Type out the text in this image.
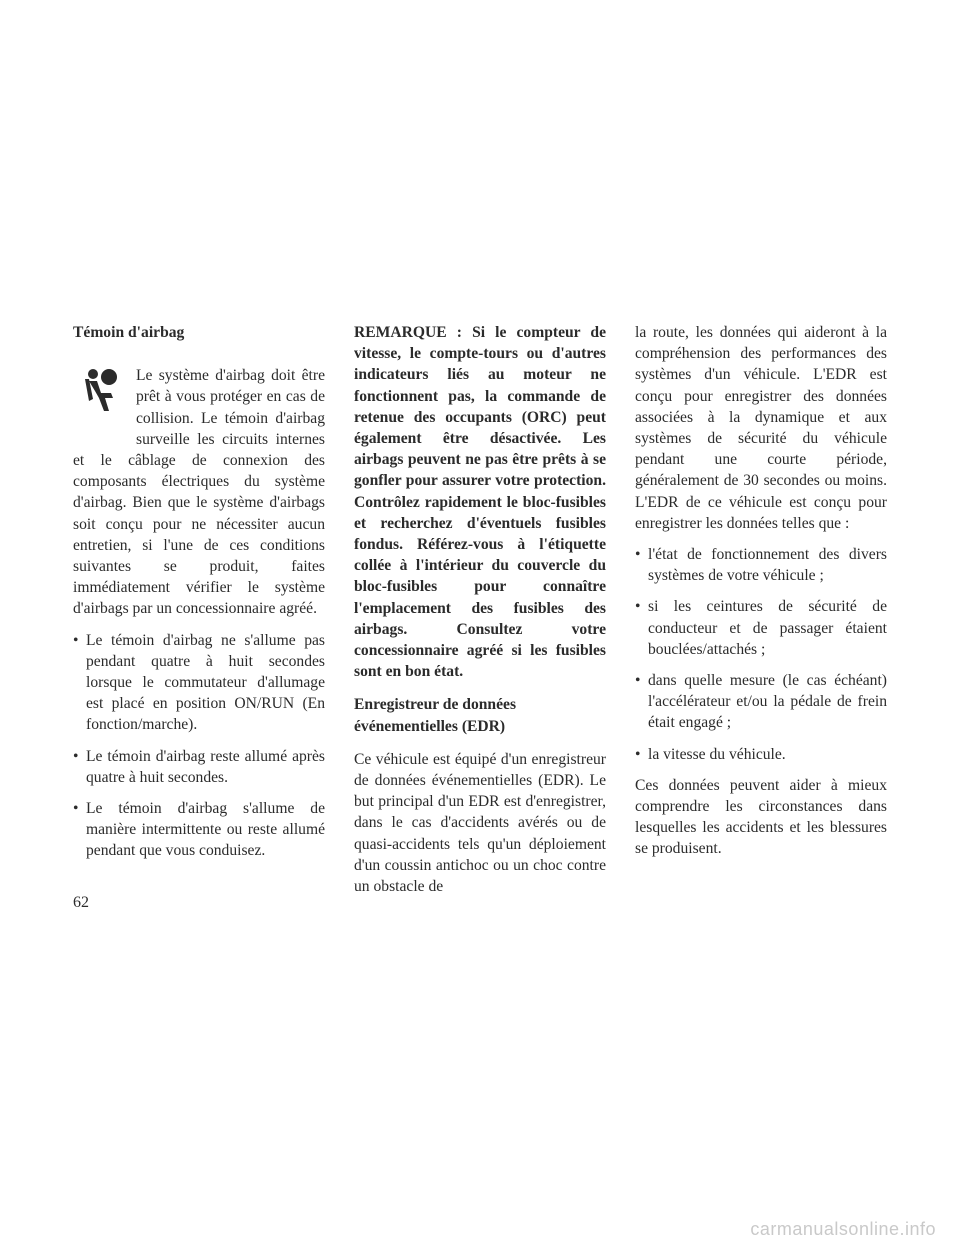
Témoin d'airbag

Le système d'airbag doit être prêt à vous protéger en cas de collision. Le témoin d'airbag surveille les circuits internes et le câblage de connexion des composants électriques du système d'airbag. Bien que le système d'airbags soit conçu pour ne nécessiter aucun entretien, si l'une de ces conditions suivantes se produit, faites immédiatement vérifier le système d'airbags par un concessionnaire agréé.

• Le témoin d'airbag ne s'allume pas pendant quatre à huit secondes lorsque le commutateur d'allumage est placé en position ON/RUN (En fonction/marche).
• Le témoin d'airbag reste allumé après quatre à huit secondes.
• Le témoin d'airbag s'allume de manière intermittente ou reste allumé pendant que vous conduisez.

REMARQUE : Si le compteur de vitesse, le compte-tours ou d'autres indicateurs liés au moteur ne fonctionnent pas, la commande de retenue des occupants (ORC) peut également être désactivée. Les airbags peuvent ne pas être prêts à se gonfler pour assurer votre protection. Contrôlez rapidement le bloc-fusibles et recherchez d'éventuels fusibles fondus. Référez-vous à l'étiquette collée à l'intérieur du couvercle du bloc-fusibles pour connaître l'emplacement des fusibles des airbags. Consultez votre concessionnaire agréé si les fusibles sont en bon état.

Enregistreur de données événementielles (EDR)

Ce véhicule est équipé d'un enregistreur de données événementielles (EDR). Le but principal d'un EDR est d'enregistrer, dans le cas d'accidents avérés ou de quasi-accidents tels qu'un déploiement d'un coussin antichoc ou un choc contre un obstacle de

la route, les données qui aideront à la compréhension des performances des systèmes d'un véhicule. L'EDR est conçu pour enregistrer des données associées à la dynamique et aux systèmes de sécurité du véhicule pendant une courte période, généralement de 30 secondes ou moins. L'EDR de ce véhicule est conçu pour enregistrer les données telles que :

• l'état de fonctionnement des divers systèmes de votre véhicule ;
• si les ceintures de sécurité de conducteur et de passager étaient bouclées/attachés ;
• dans quelle mesure (le cas échéant) l'accélérateur et/ou la pédale de frein était engagé ;
• la vitesse du véhicule.

Ces données peuvent aider à mieux comprendre les circonstances dans lesquelles les accidents et les blessures se produisent.

62
carmanualsonline.info
